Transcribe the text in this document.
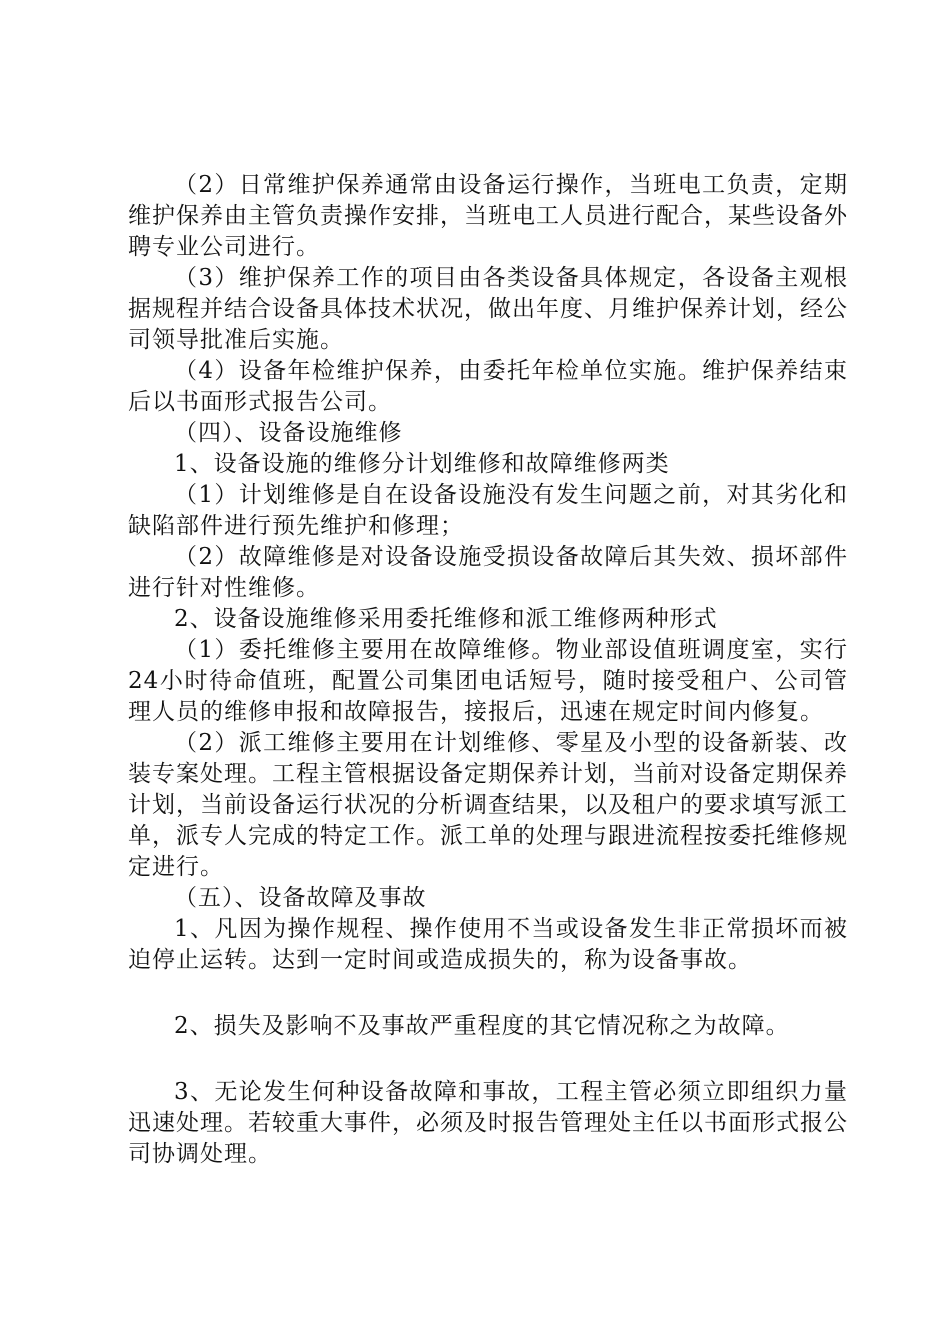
（2）日常维护保养通常由设备运行操作，当班电工负责，定期维护保养由主管负责操作安排，当班电工人员进行配合，某些设备外聘专业公司进行。

（3）维护保养工作的项目由各类设备具体规定，各设备主观根据规程并结合设备具体技术状况，做出年度、月维护保养计划，经公司领导批准后实施。

（4）设备年检维护保养，由委托年检单位实施。维护保养结束后以书面形式报告公司。

（四）、设备设施维修

1、设备设施的维修分计划维修和故障维修两类

（1）计划维修是自在设备设施没有发生问题之前，对其劣化和缺陷部件进行预先维护和修理；

（2）故障维修是对设备设施受损设备故障后其失效、损坏部件进行针对性维修。

2、设备设施维修采用委托维修和派工维修两种形式

（1）委托维修主要用在故障维修。物业部设值班调度室，实行24小时待命值班，配置公司集团电话短号，随时接受租户、公司管理人员的维修申报和故障报告，接报后，迅速在规定时间内修复。

（2）派工维修主要用在计划维修、零星及小型的设备新装、改装专案处理。工程主管根据设备定期保养计划，当前对设备定期保养计划，当前设备运行状况的分析调查结果，以及租户的要求填写派工单，派专人完成的特定工作。派工单的处理与跟进流程按委托维修规定进行。

（五）、设备故障及事故

1、凡因为操作规程、操作使用不当或设备发生非正常损坏而被迫停止运转。达到一定时间或造成损失的，称为设备事故。

2、损失及影响不及事故严重程度的其它情况称之为故障。

3、无论发生何种设备故障和事故，工程主管必须立即组织力量迅速处理。若较重大事件，必须及时报告管理处主任以书面形式报公司协调处理。
